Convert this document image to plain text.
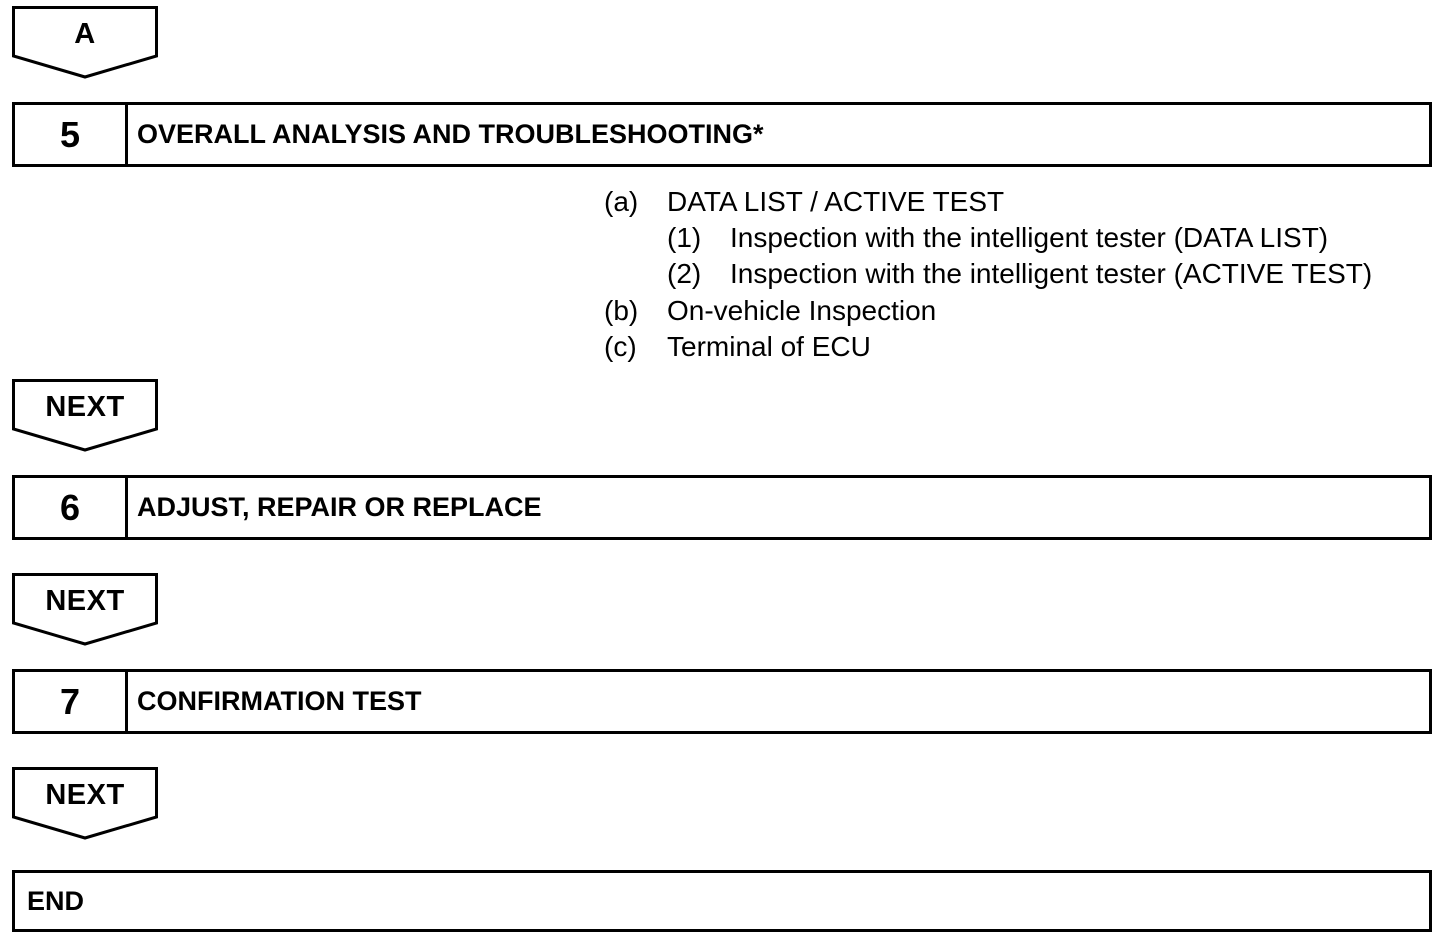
A
5	OVERALL ANALYSIS AND TROUBLESHOOTING*
(a) DATA LIST / ACTIVE TEST
(1) Inspection with the intelligent tester (DATA LIST)
(2) Inspection with the intelligent tester (ACTIVE TEST)
(b) On-vehicle Inspection
(c) Terminal of ECU
NEXT
6	ADJUST, REPAIR OR REPLACE
NEXT
7	CONFIRMATION TEST
NEXT
END
